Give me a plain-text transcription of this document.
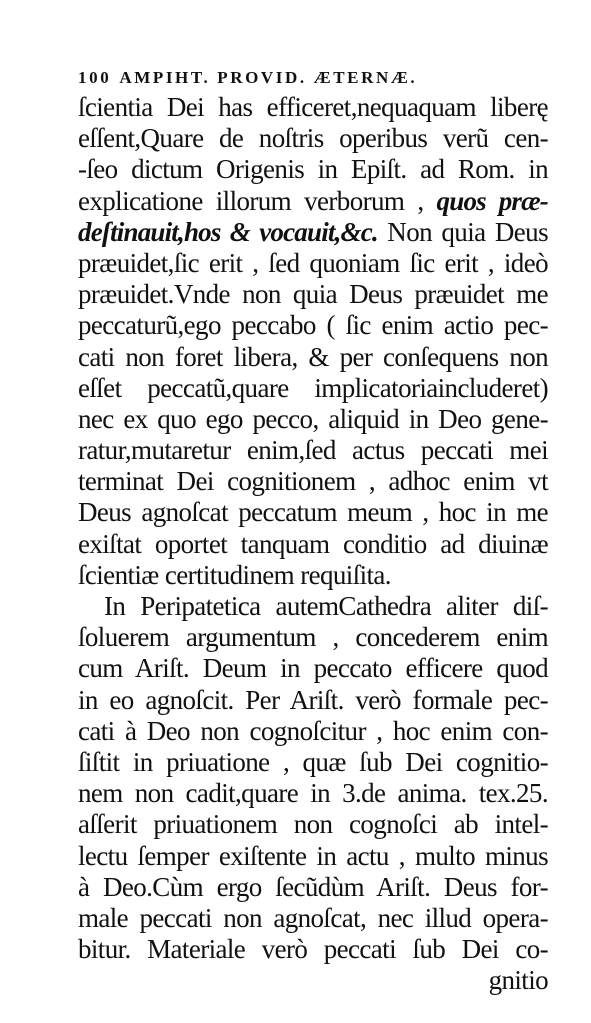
100 AMPIHT. PROVID. ÆTERNÆ.
ſcientia Dei has efficeret,nequaquam liberę
eſſent,Quare de noſtris operibus verũ cen-
-ſeo dictum Origenis in Epiſt. ad Rom. in
explicatione illorum verborum , quos præ-
deſtinauit,hos & vocauit,&c. Non quia Deus
præuidet,ſic erit , ſed quoniam ſic erit , ideò
præuidet.Vnde non quia Deus præuidet me
peccaturũ,ego peccabo ( ſic enim actio pec-
cati non foret libera, & per conſequens non
eſſet peccatũ,quare implicatoriaincluderet)
nec ex quo ego pecco, aliquid in Deo gene-
ratur,mutaretur enim,ſed actus peccati mei
terminat Dei cognitionem , adhoc enim vt
Deus agnoſcat peccatum meum , hoc in me
exiſtat oportet tanquam conditio ad diuinæ
ſcientiæ certitudinem requiſita.
In Peripatetica autemCathedra aliter diſ-
ſoluerem argumentum , concederem enim
cum Ariſt. Deum in peccato efficere quod
in eo agnoſcit. Per Ariſt. verò formale pec-
cati à Deo non cognoſcitur , hoc enim con-
ſiſtit in priuatione , quæ ſub Dei cognitio-
nem non cadit,quare in 3.de anima. tex.25.
aſſerit priuationem non cognoſci ab intel-
lectu ſemper exiſtente in actu , multo minus
à Deo.Cùm ergo ſecũdùm Ariſt. Deus for-
male peccati non agnoſcat, nec illud opera-
bitur. Materiale verò peccati ſub Dei co-
gnitio
